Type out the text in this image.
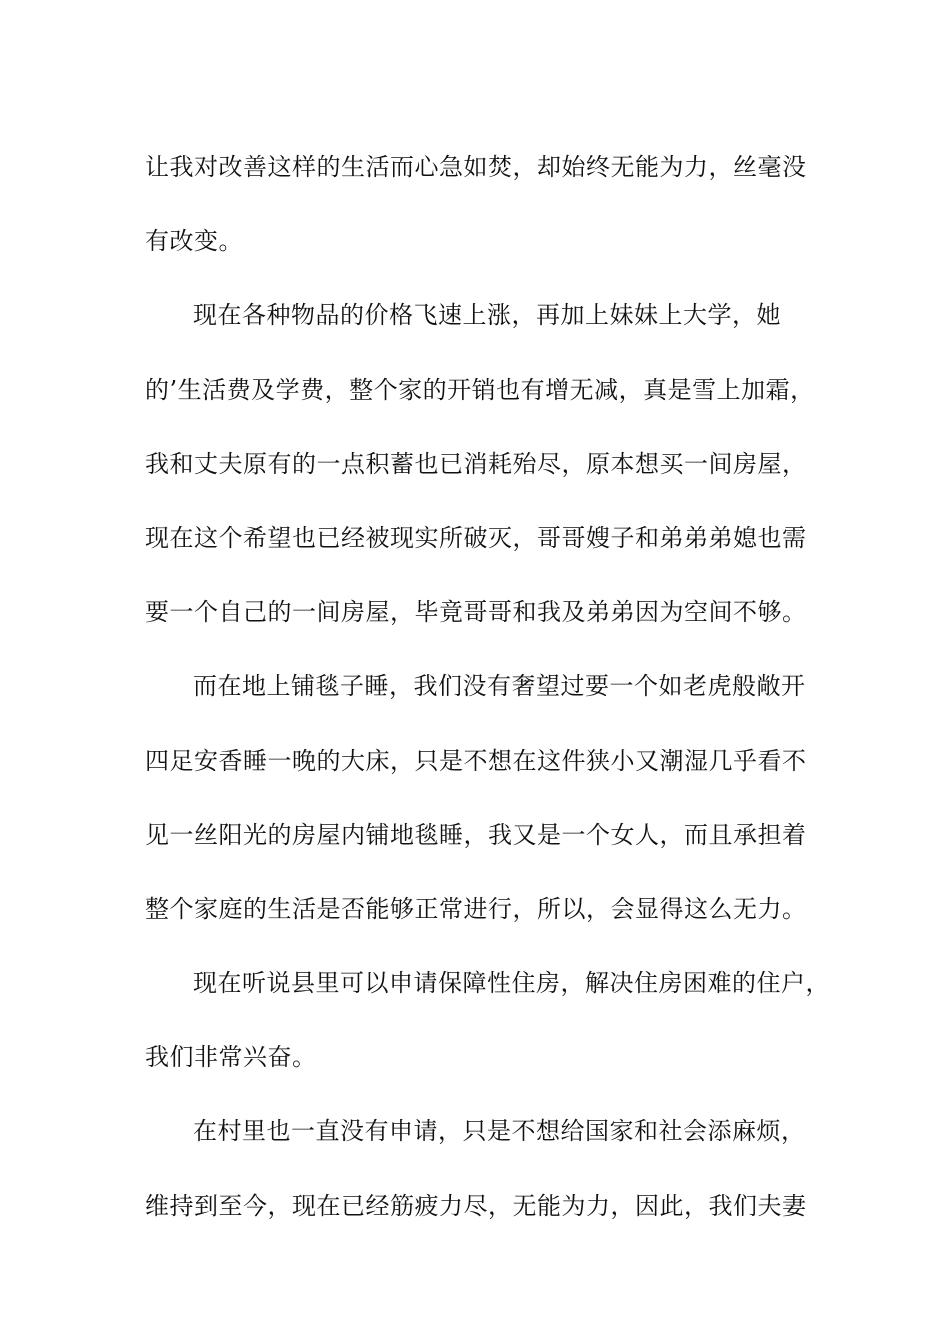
让我对改善这样的生活而心急如焚，却始终无能为力，丝毫没
有改变。
现在各种物品的价格飞速上涨，再加上妹妹上大学，她
的’生活费及学费，整个家的开销也有增无减，真是雪上加霜，
我和丈夫原有的一点积蓄也已消耗殆尽，原本想买一间房屋，
现在这个希望也已经被现实所破灭，哥哥嫂子和弟弟弟媳也需
要一个自己的一间房屋，毕竟哥哥和我及弟弟因为空间不够。
而在地上铺毯子睡，我们没有奢望过要一个如老虎般敞开
四足安香睡一晚的大床，只是不想在这件狭小又潮湿几乎看不
见一丝阳光的房屋内铺地毯睡，我又是一个女人，而且承担着
整个家庭的生活是否能够正常进行，所以，会显得这么无力。
现在听说县里可以申请保障性住房，解决住房困难的住户，
我们非常兴奋。
在村里也一直没有申请，只是不想给国家和社会添麻烦，
维持到至今，现在已经筋疲力尽，无能为力，因此，我们夫妻
